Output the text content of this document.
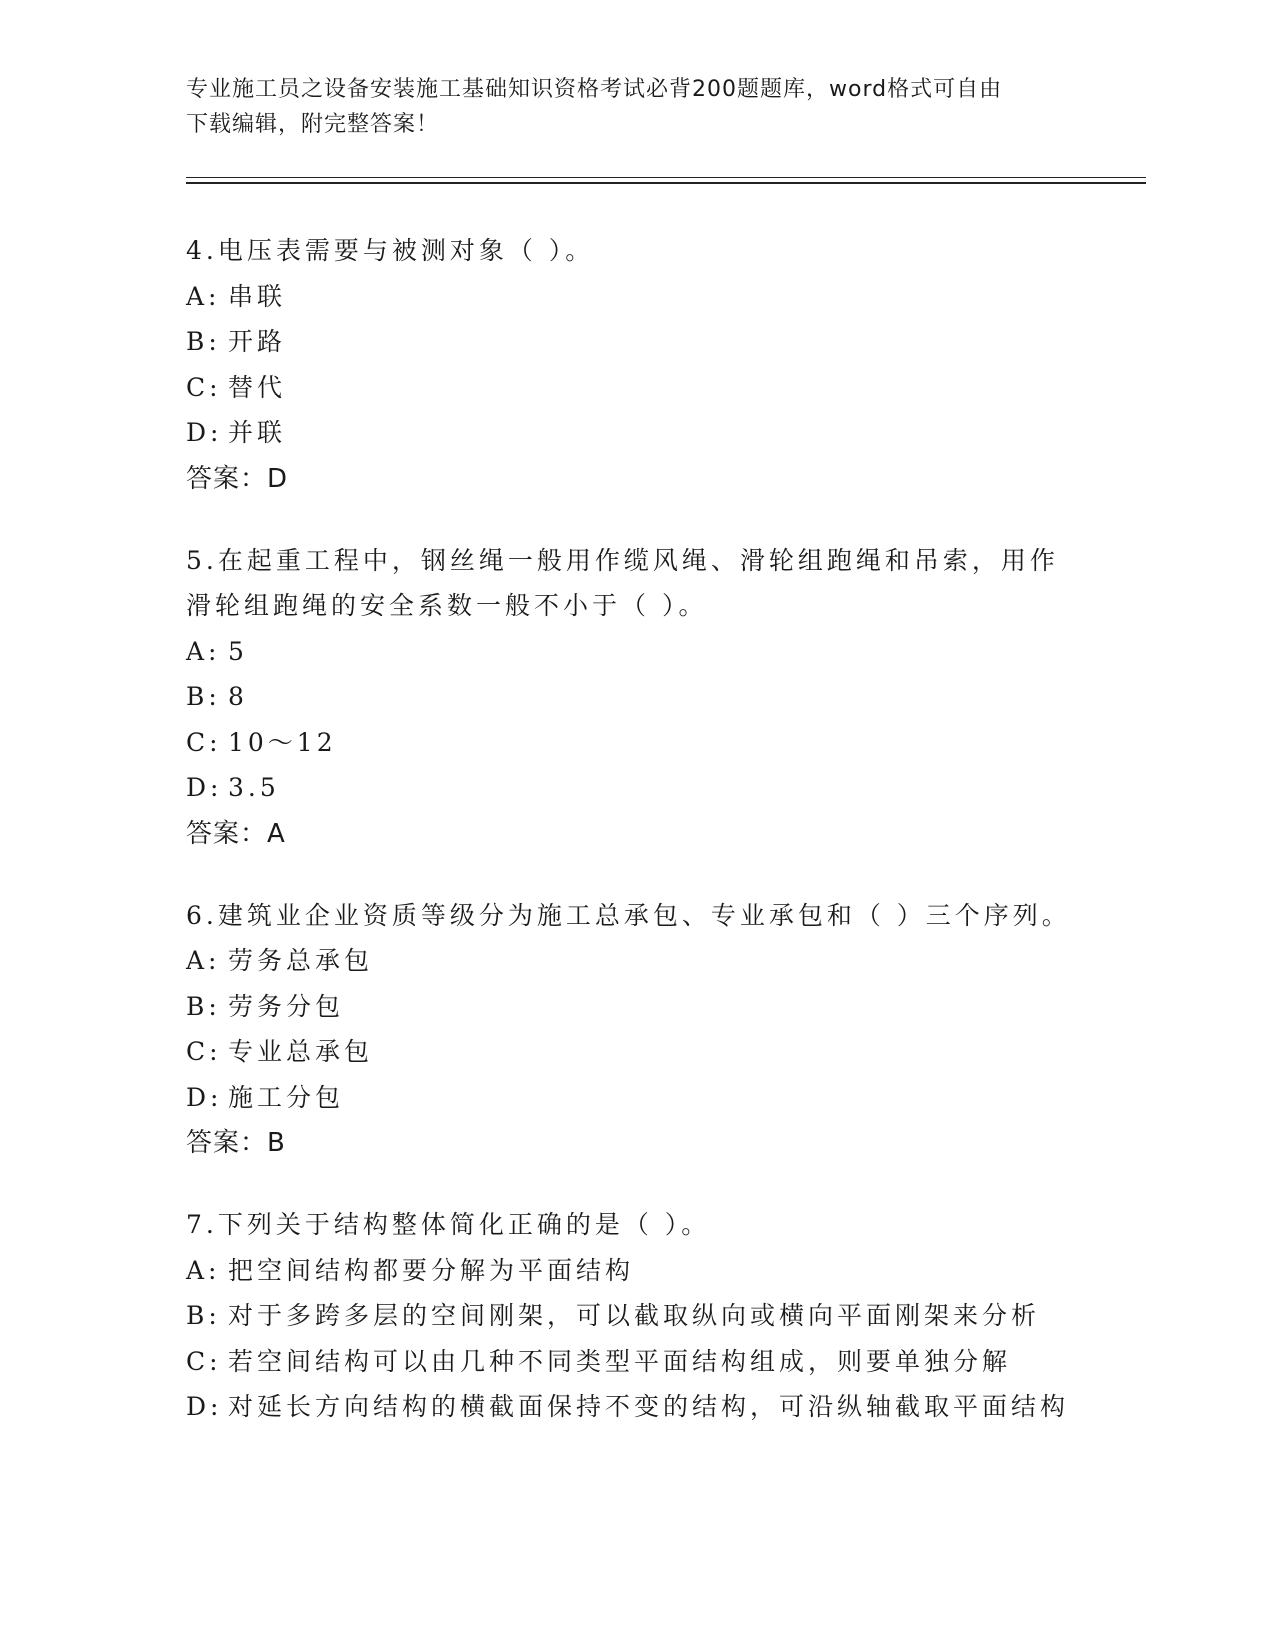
专业施工员之设备安装施工基础知识资格考试必背200题题库，word格式可自由
下载编辑，附完整答案！
4.电压表需要与被测对象（ ）。
A: 串联
B: 开路
C: 替代
D: 并联
答案：D
5.在起重工程中，钢丝绳一般用作缆风绳、滑轮组跑绳和吊索，用作
滑轮组跑绳的安全系数一般不小于（ ）。
A: 5
B: 8
C: 10～12
D: 3.5
答案：A
6.建筑业企业资质等级分为施工总承包、专业承包和（ ）三个序列。
A: 劳务总承包
B: 劳务分包
C: 专业总承包
D: 施工分包
答案：B
7.下列关于结构整体简化正确的是（ ）。
A: 把空间结构都要分解为平面结构
B: 对于多跨多层的空间刚架，可以截取纵向或横向平面刚架来分析
C: 若空间结构可以由几种不同类型平面结构组成，则要单独分解
D: 对延长方向结构的横截面保持不变的结构，可沿纵轴截取平面结构
